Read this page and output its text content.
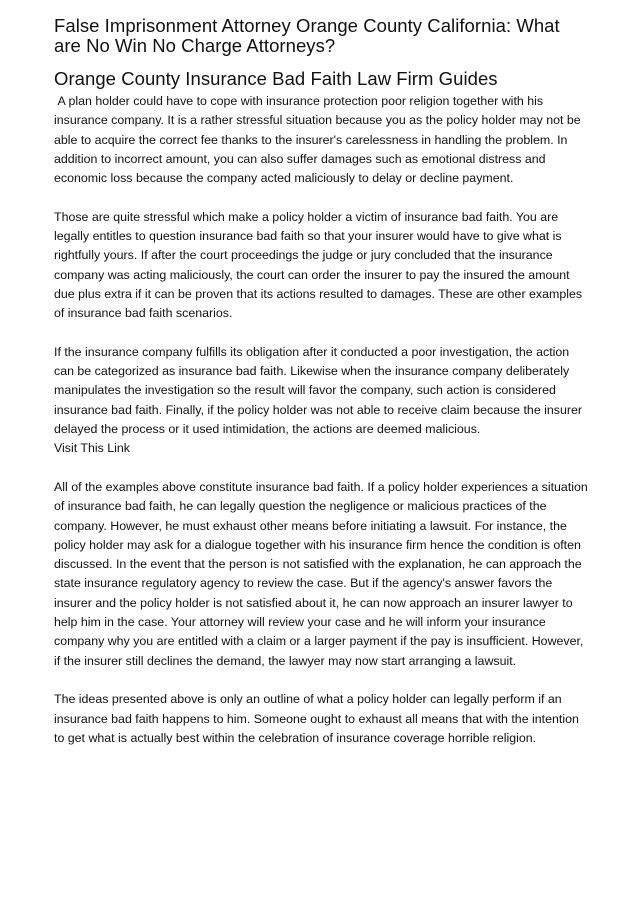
False Imprisonment Attorney Orange County California: What are No Win No Charge Attorneys?
Orange County Insurance Bad Faith Law Firm Guides

A plan holder could have to cope with insurance protection poor religion together with his insurance company. It is a rather stressful situation because you as the policy holder may not be able to acquire the correct fee thanks to the insurer's carelessness in handling the problem. In addition to incorrect amount, you can also suffer damages such as emotional distress and economic loss because the company acted maliciously to delay or decline payment.

Those are quite stressful which make a policy holder a victim of insurance bad faith. You are legally entitles to question insurance bad faith so that your insurer would have to give what is rightfully yours. If after the court proceedings the judge or jury concluded that the insurance company was acting maliciously, the court can order the insurer to pay the insured the amount due plus extra if it can be proven that its actions resulted to damages. These are other examples of insurance bad faith scenarios.

If the insurance company fulfills its obligation after it conducted a poor investigation, the action can be categorized as insurance bad faith. Likewise when the insurance company deliberately manipulates the investigation so the result will favor the company, such action is considered insurance bad faith. Finally, if the policy holder was not able to receive claim because the insurer delayed the process or it used intimidation, the actions are deemed malicious.
Visit This Link

All of the examples above constitute insurance bad faith. If a policy holder experiences a situation of insurance bad faith, he can legally question the negligence or malicious practices of the company. However, he must exhaust other means before initiating a lawsuit. For instance, the policy holder may ask for a dialogue together with his insurance firm hence the condition is often discussed. In the event that the person is not satisfied with the explanation, he can approach the state insurance regulatory agency to review the case. But if the agency's answer favors the insurer and the policy holder is not satisfied about it, he can now approach an insurer lawyer to help him in the case. Your attorney will review your case and he will inform your insurance company why you are entitled with a claim or a larger payment if the pay is insufficient. However, if the insurer still declines the demand, the lawyer may now start arranging a lawsuit.

The ideas presented above is only an outline of what a policy holder can legally perform if an insurance bad faith happens to him. Someone ought to exhaust all means that with the intention to get what is actually best within the celebration of insurance coverage horrible religion.
